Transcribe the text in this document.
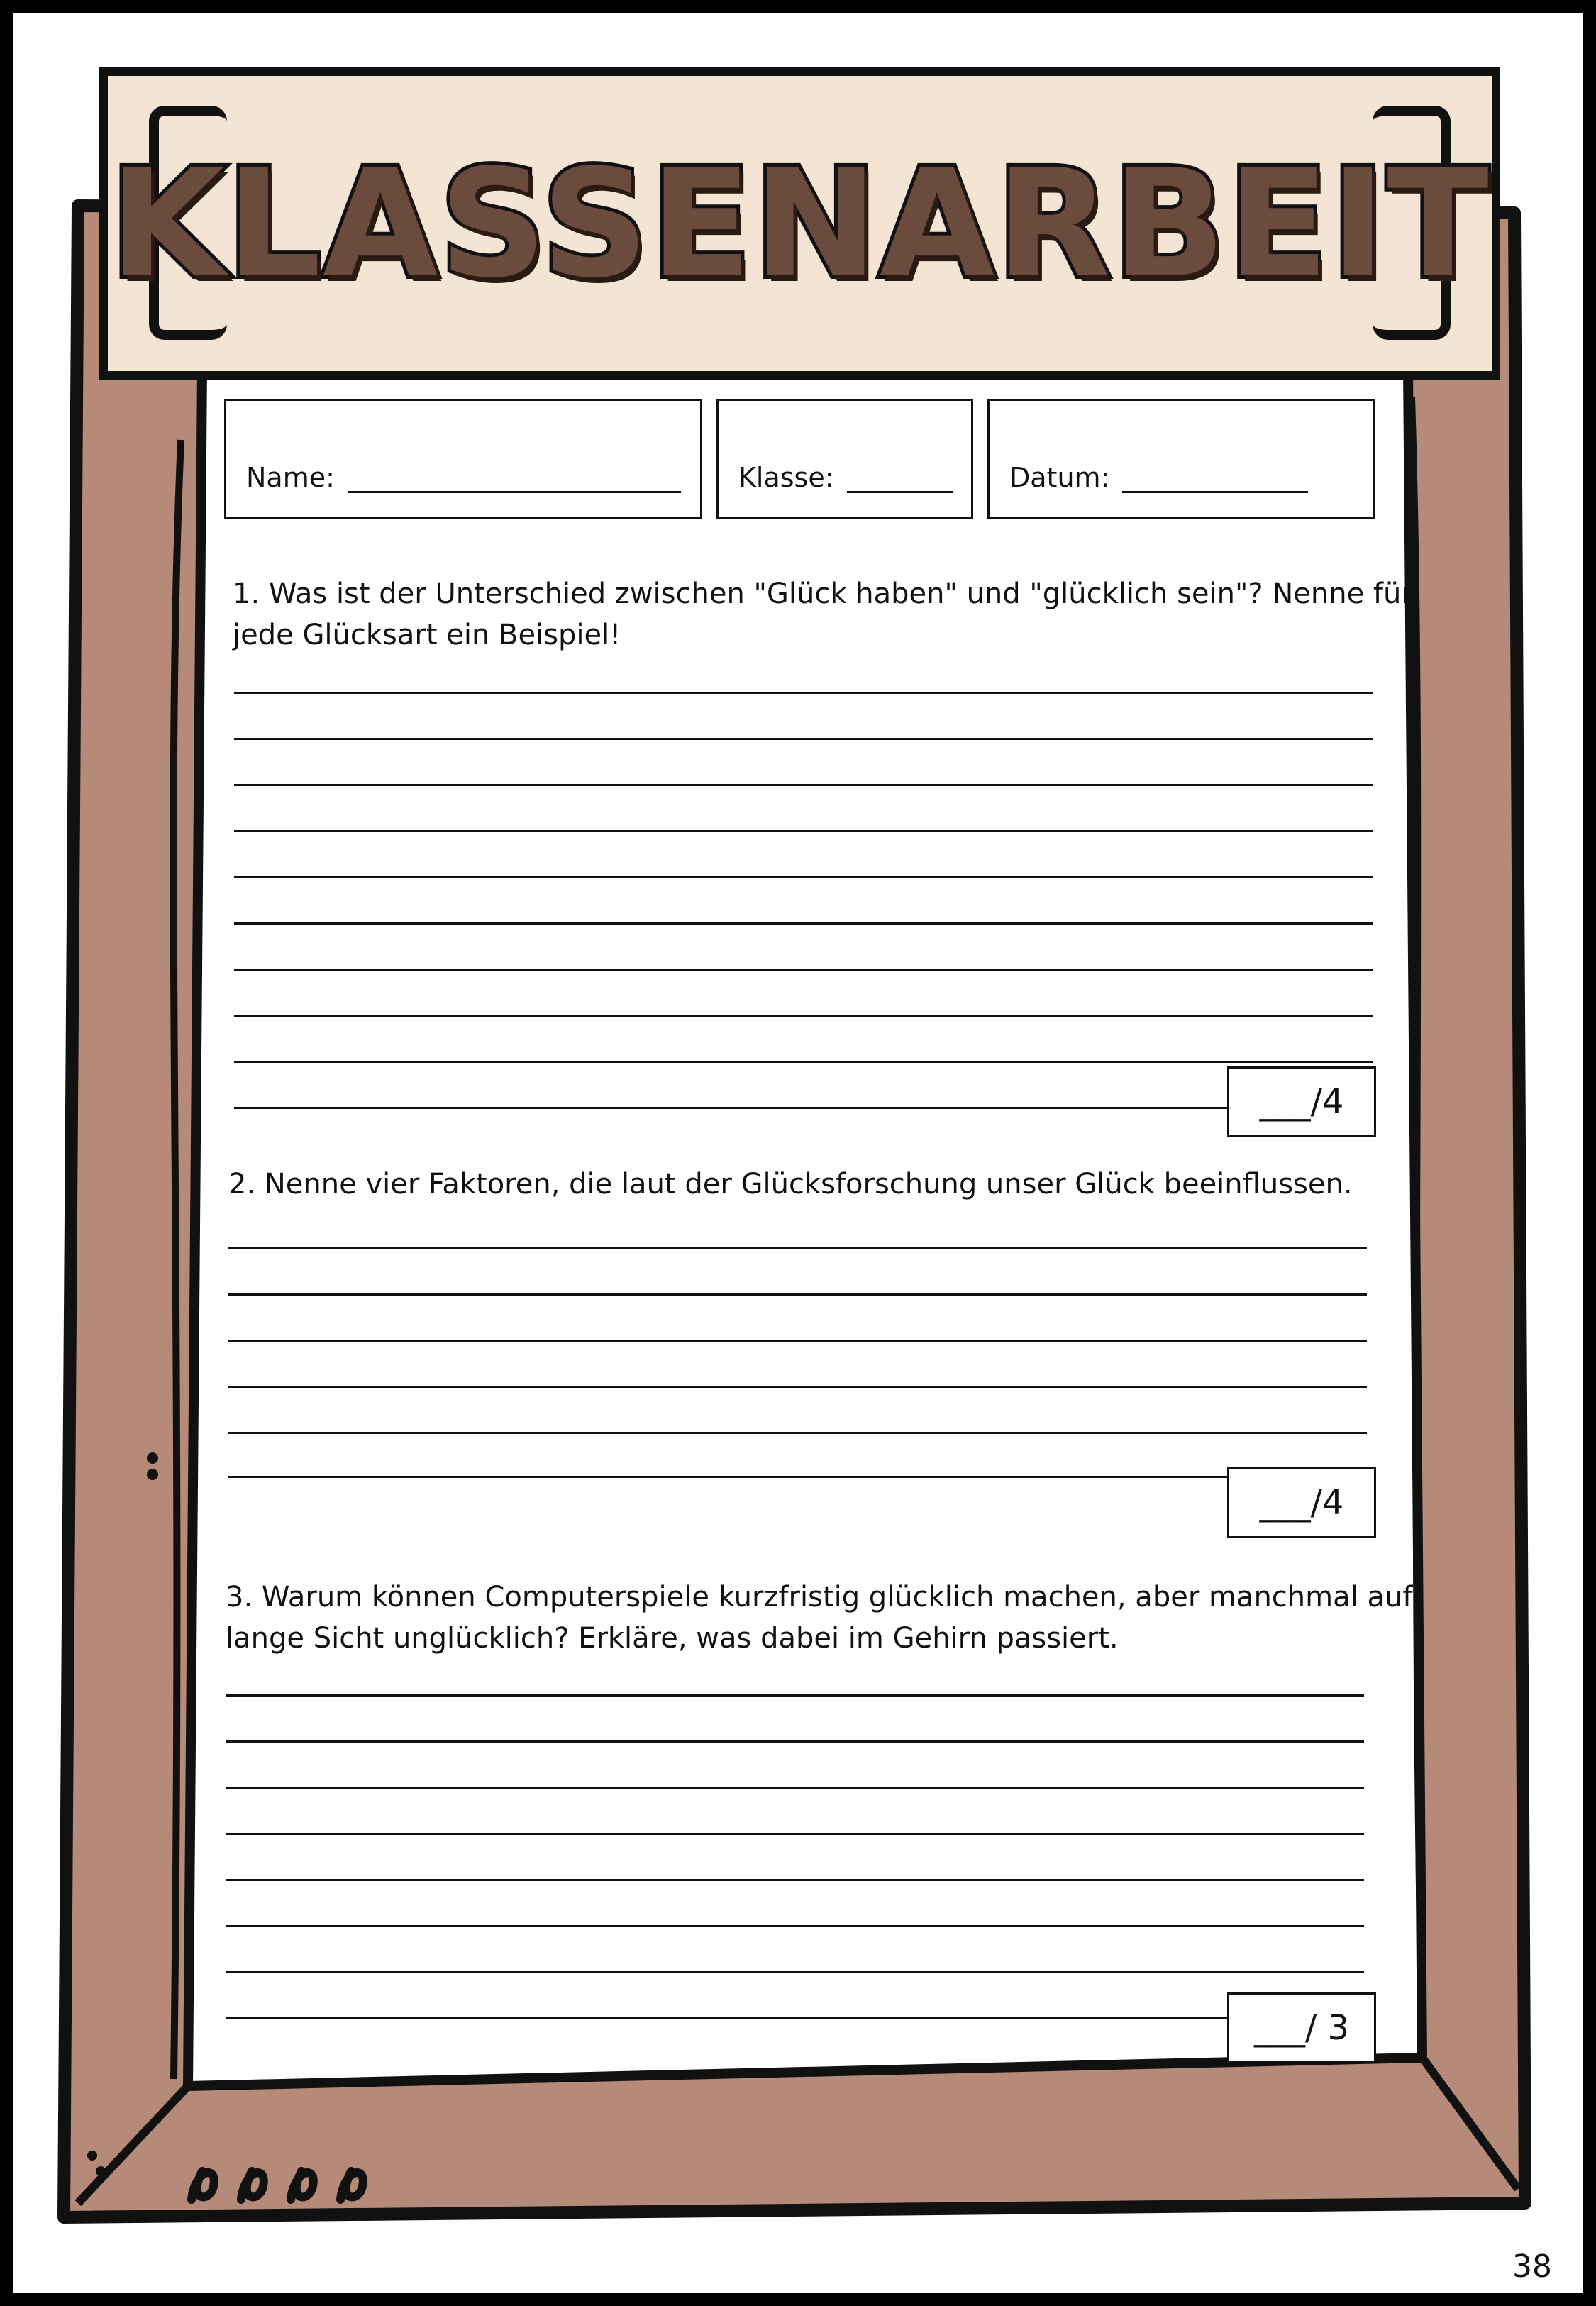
KLASSENARBEIT
Name:	Klasse:	Datum:
1. Was ist der Unterschied zwischen "Glück haben" und "glücklich sein"? Nenne für
jede Glücksart ein Beispiel!
___/4
2. Nenne vier Faktoren, die laut der Glücksforschung unser Glück beeinflussen.
___/4
3. Warum können Computerspiele kurzfristig glücklich machen, aber manchmal auf
lange Sicht unglücklich? Erkläre, was dabei im Gehirn passiert.
___/ 3
38
